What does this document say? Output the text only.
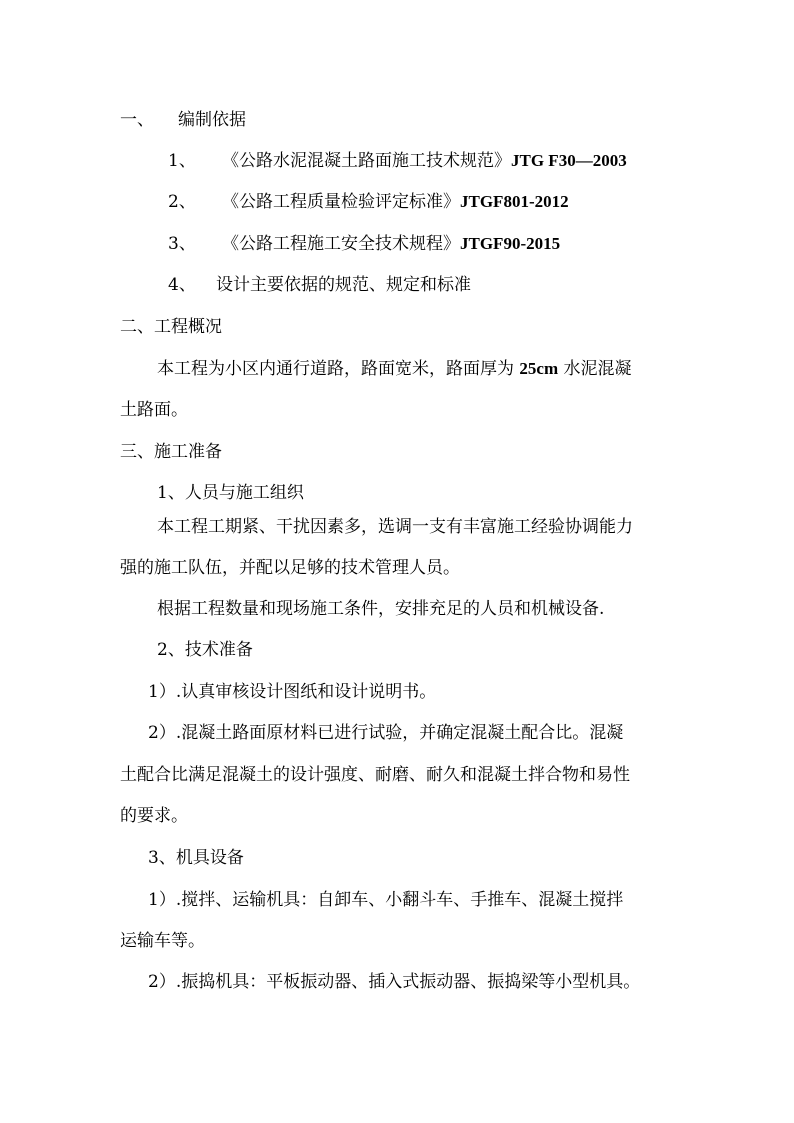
一、 编制依据
1、 《公路水泥混凝土路面施工技术规范》JTG F30—2003
2、 《公路工程质量检验评定标准》JTGF801-2012
3、 《公路工程施工安全技术规程》JTGF90-2015
4、 设计主要依据的规范、规定和标准
二、工程概况
本工程为小区内通行道路，路面宽米，路面厚为 25cm 水泥混凝
土路面。
三、施工准备
1、人员与施工组织
本工程工期紧、干扰因素多，选调一支有丰富施工经验协调能力
强的施工队伍，并配以足够的技术管理人员。
根据工程数量和现场施工条件，安排充足的人员和机械设备.
2、技术准备
1）.认真审核设计图纸和设计说明书。
2）.混凝土路面原材料已进行试验，并确定混凝土配合比。混凝
土配合比满足混凝土的设计强度、耐磨、耐久和混凝土拌合物和易性
的要求。
3、机具设备
1）.搅拌、运输机具：自卸车、小翻斗车、手推车、混凝土搅拌
运输车等。
2）.振捣机具：平板振动器、插入式振动器、振捣梁等小型机具。
